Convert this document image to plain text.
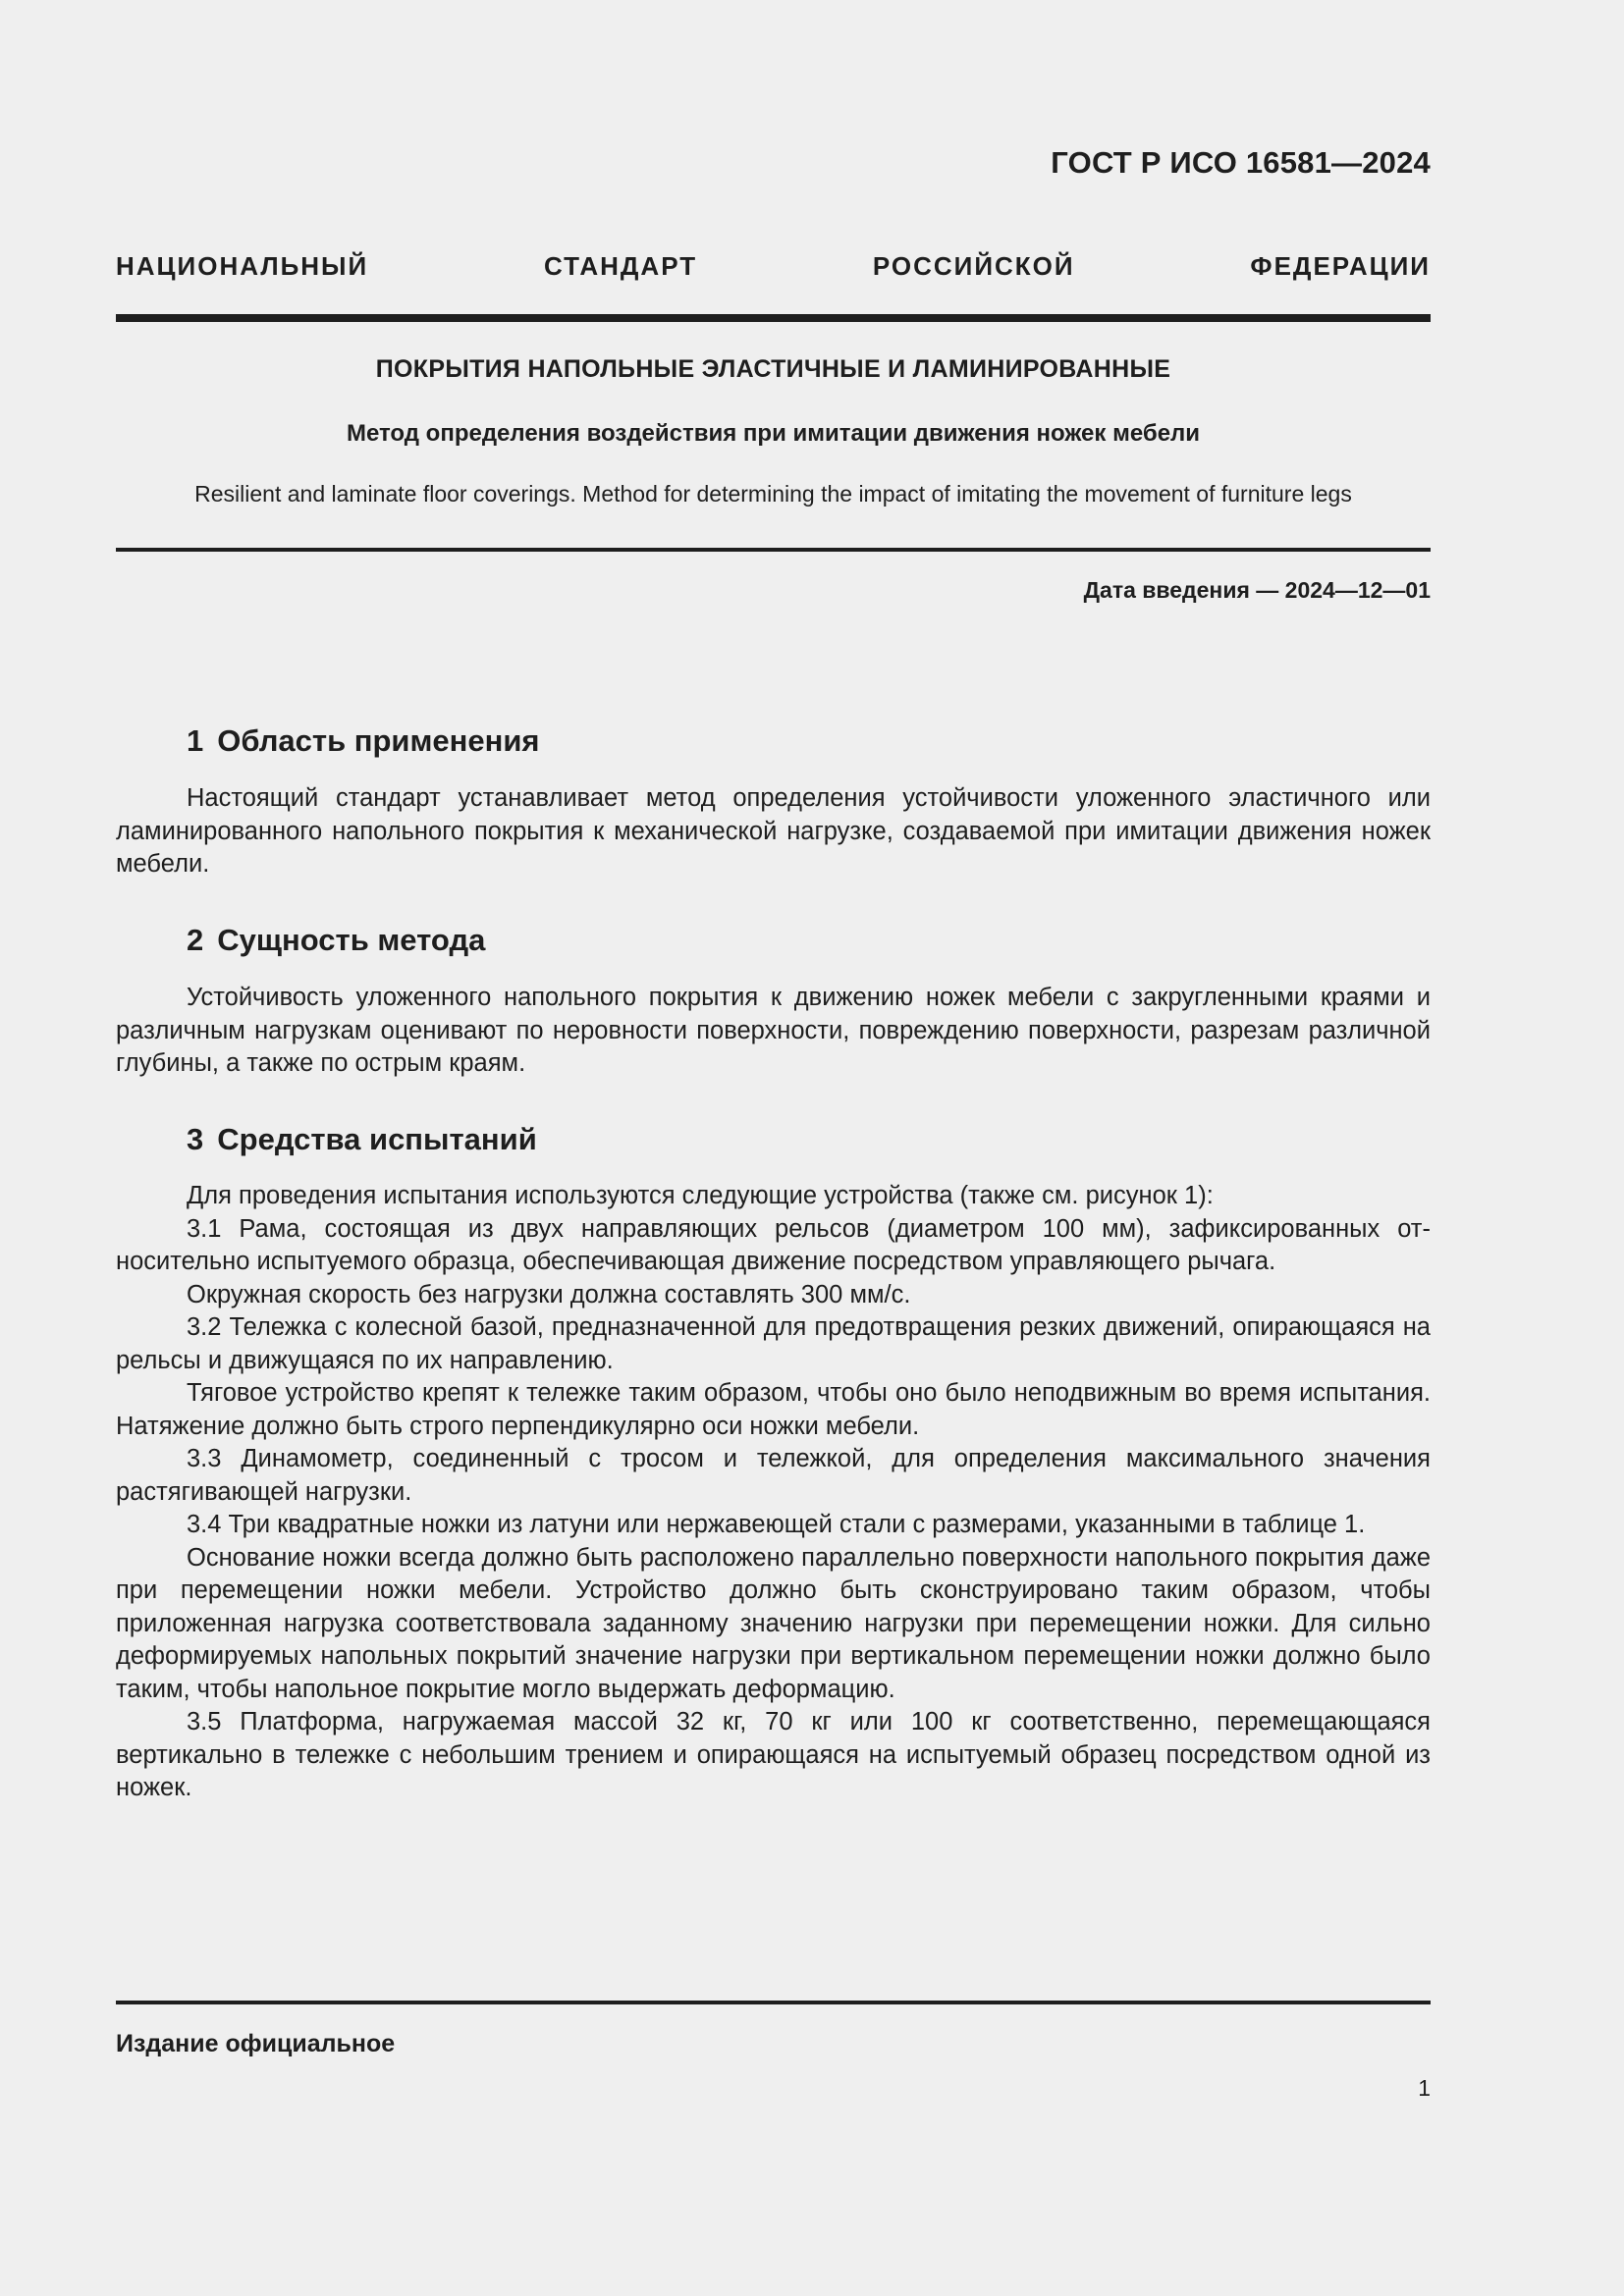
ГОСТ Р ИСО 16581—2024
НАЦИОНАЛЬНЫЙ СТАНДАРТ РОССИЙСКОЙ ФЕДЕРАЦИИ
ПОКРЫТИЯ НАПОЛЬНЫЕ ЭЛАСТИЧНЫЕ И ЛАМИНИРОВАННЫЕ
Метод определения воздействия при имитации движения ножек мебели
Resilient and laminate floor coverings. Method for determining the impact of imitating the movement of furniture legs
Дата введения — 2024—12—01
1 Область применения

Настоящий стандарт устанавливает метод определения устойчивости уложенного эластичного или ламинированного напольного покрытия к механической нагрузке, создаваемой при имитации движения ножек мебели.

2 Сущность метода

Устойчивость уложенного напольного покрытия к движению ножек мебели с закругленными краями и различным нагрузкам оценивают по неровности поверхности, повреждению поверхности, разрезам различной глубины, а также по острым краям.

3 Средства испытаний

Для проведения испытания используются следующие устройства (также см. рисунок 1):

3.1 Рама, состоящая из двух направляющих рельсов (диаметром 100 мм), зафиксированных относительно испытуемого образца, обеспечивающая движение посредством управляющего рычага.

Окружная скорость без нагрузки должна составлять 300 мм/с.

3.2 Тележка с колесной базой, предназначенной для предотвращения резких движений, опирающаяся на рельсы и движущаяся по их направлению.

Тяговое устройство крепят к тележке таким образом, чтобы оно было неподвижным во время испытания. Натяжение должно быть строго перпендикулярно оси ножки мебели.

3.3 Динамометр, соединенный с тросом и тележкой, для определения максимального значения растягивающей нагрузки.

3.4 Три квадратные ножки из латуни или нержавеющей стали с размерами, указанными в таблице 1.

Основание ножки всегда должно быть расположено параллельно поверхности напольного покрытия даже при перемещении ножки мебели. Устройство должно быть сконструировано таким образом, чтобы приложенная нагрузка соответствовала заданному значению нагрузки при перемещении ножки. Для сильно деформируемых напольных покрытий значение нагрузки при вертикальном перемещении ножки должно было таким, чтобы напольное покрытие могло выдержать деформацию.

3.5 Платформа, нагружаемая массой 32 кг, 70 кг или 100 кг соответственно, перемещающаяся вертикально в тележке с небольшим трением и опирающаяся на испытуемый образец посредством одной из ножек.

Издание официальное
1
